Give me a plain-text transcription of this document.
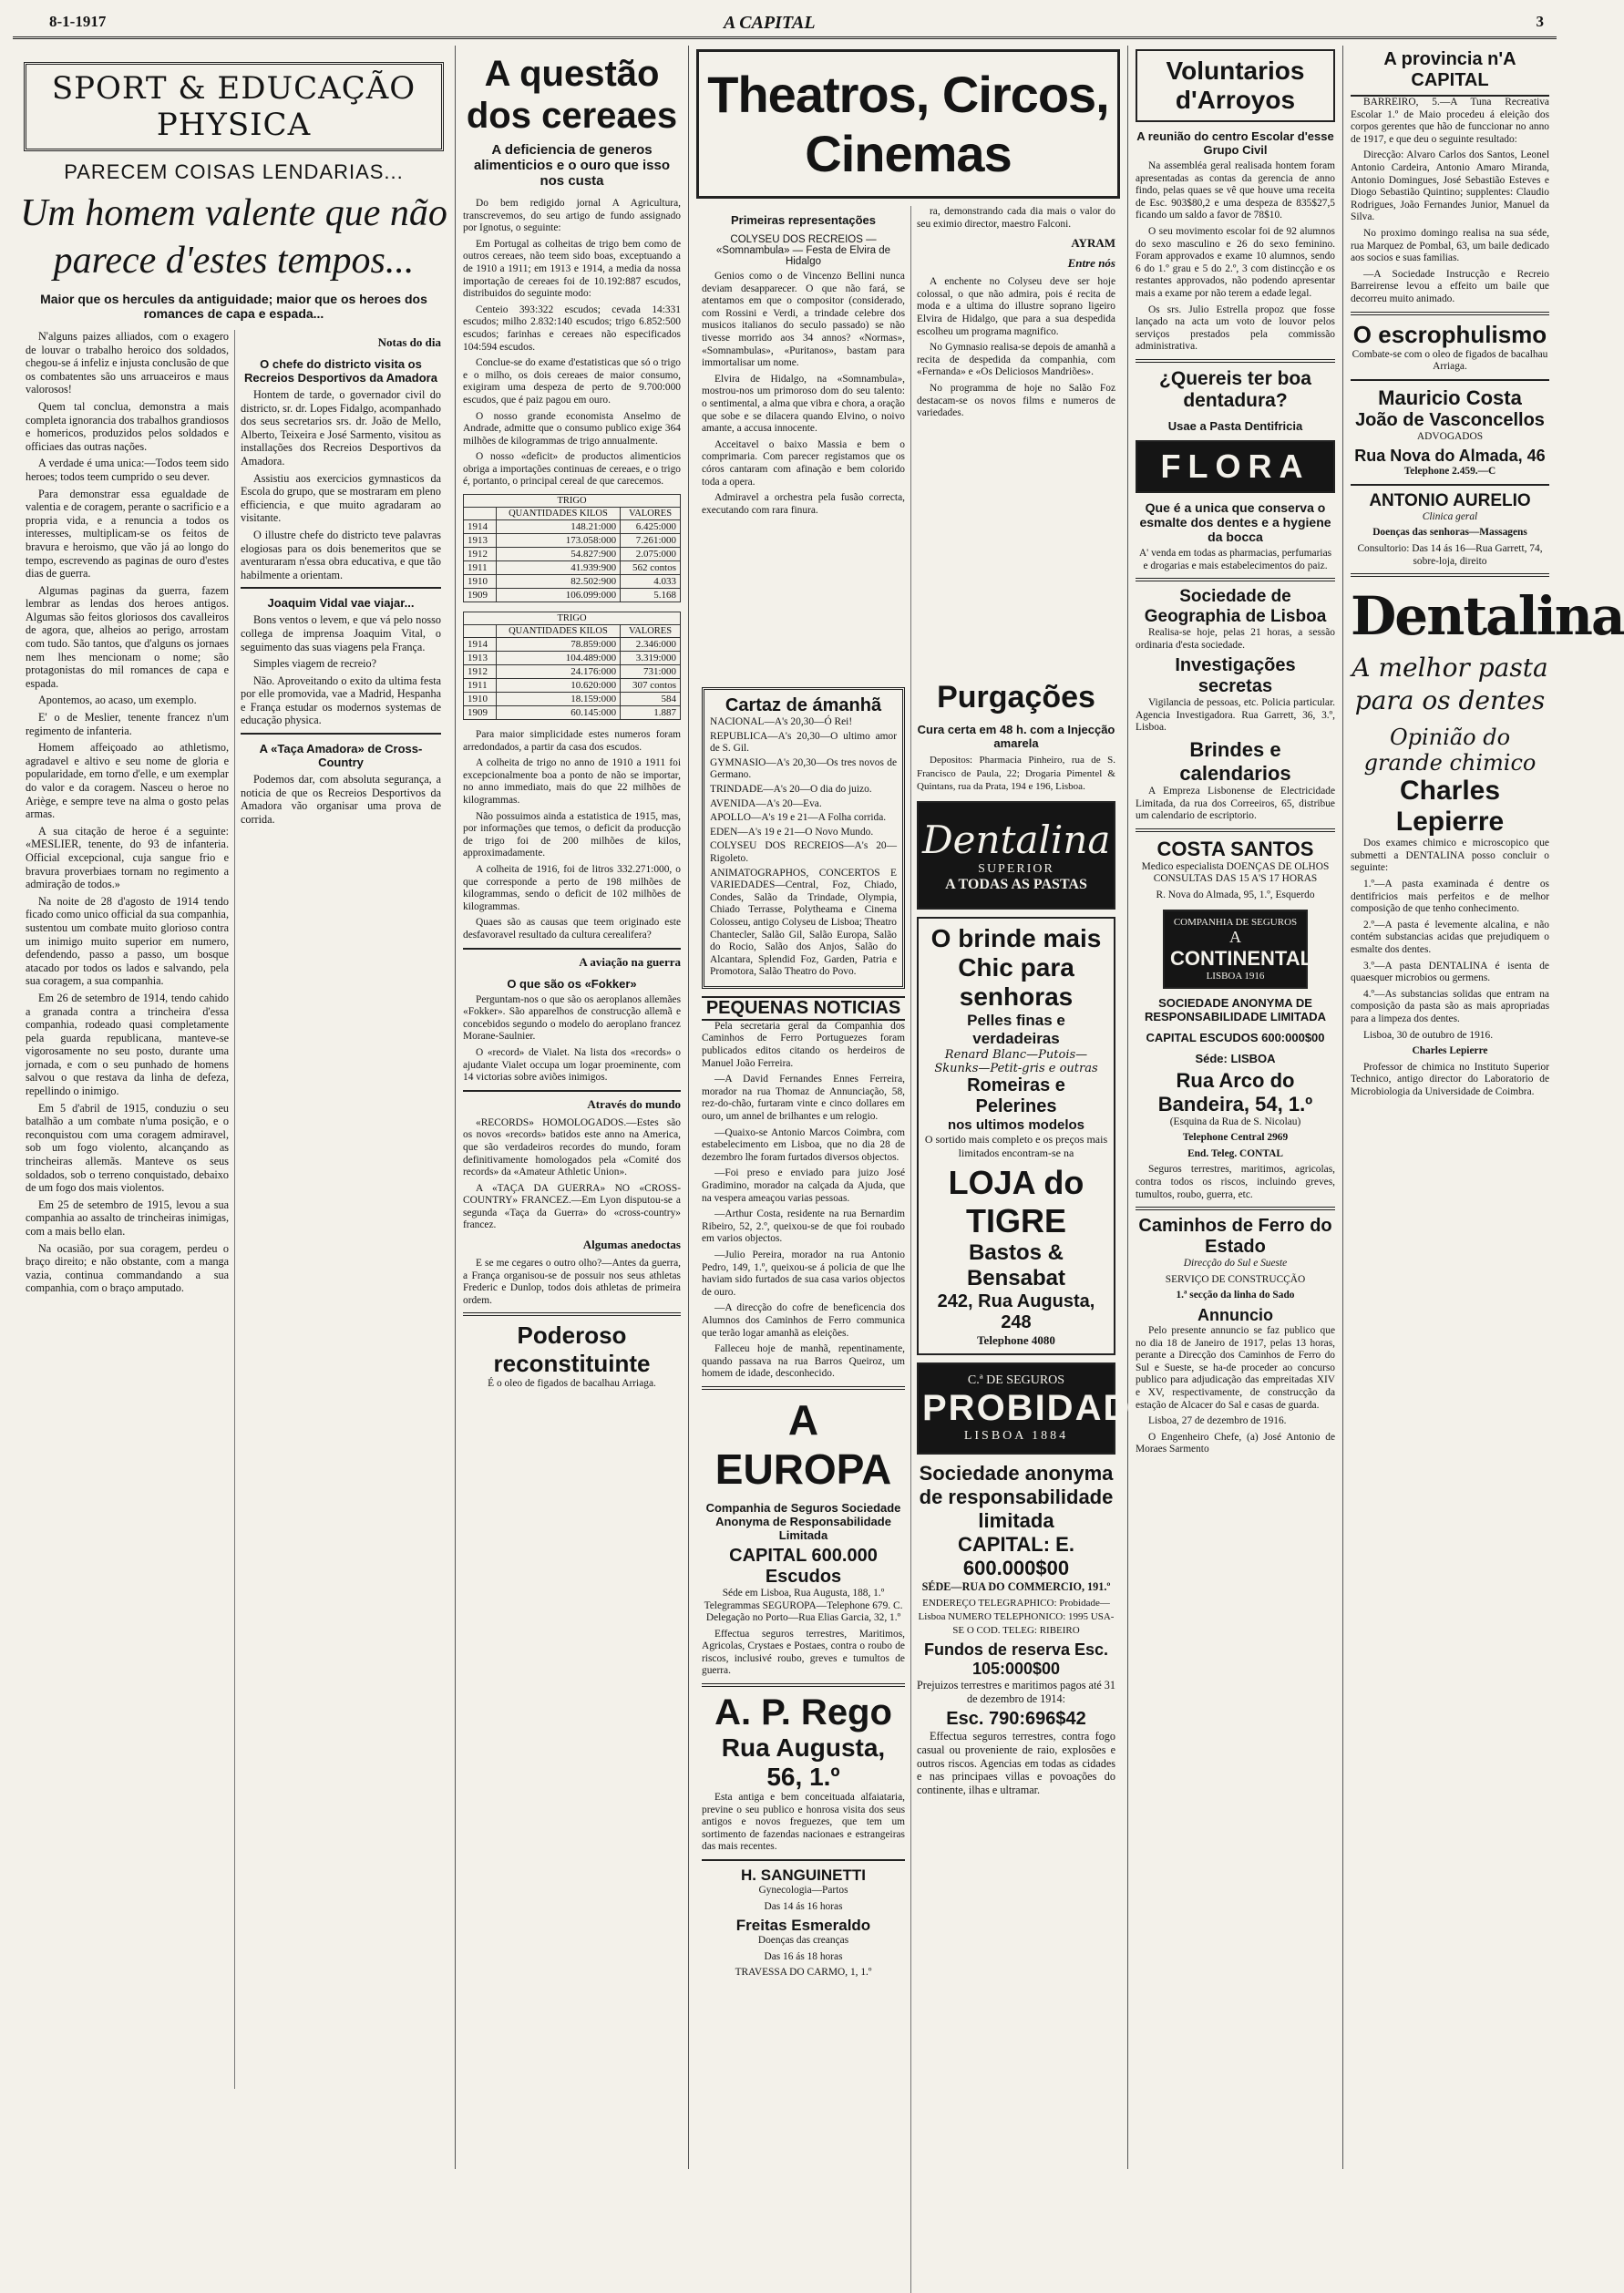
8-1-1917	A CAPITAL	3
SPORT & EDUCAÇÃO PHYSICA
PARECEM COISAS LENDARIAS...
Um homem valente que não parece d'estes tempos...
Maior que os hercules da antiguidade; maior que os heroes dos romances de capa e espada...

N'alguns paizes alliados, com o exagero de louvar o trabalho heroico dos soldados, chegou-se á infeliz e injusta conclusão de que os combatentes são uns arruaceiros e maus valorosos!

Quem tal conclua, demonstra a mais completa ignorancia dos trabalhos grandiosos e homericos, produzidos pelos soldados e officiaes das outras nações.

A verdade é uma unica:—Todos teem sido heroes; todos teem cumprido o seu dever.

Para demonstrar essa egualdade de valentia e de coragem, perante o sacrificio e a propria vida, e a renuncia a todos os interesses, multiplicam-se os feitos de bravura e heroismo, que vão já ao longo do tempo, escrevendo as paginas de ouro d'estes dias de guerra.

Algumas paginas da guerra, fazem lembrar as lendas dos heroes antigos. Algumas são feitos gloriosos dos cavalleiros de agora, que, alheios ao perigo, arrostam com tudo. São tantos, que d'alguns os jornaes nem lhes mencionam o nome; são protagonistas do mil romances de capa e espada.

Apontemos, ao acaso, um exemplo.

E' o de Meslier, tenente francez n'um regimento de infanteria.

Homem affeiçoado ao athletismo, agradavel e altivo e seu nome de gloria e popularidade, em torno d'elle, e um exemplar do valor e da coragem. Nasceu o heroe no Ariège, e sempre teve na alma o gosto pelas armas.

A sua citação de heroe é a seguinte: «MESLIER, tenente, do 93 de infanteria. Official excepcional, cuja sangue frio e bravura proverbiaes tornam no regimento a admiração de todos.»

Na noite de 28 d'agosto de 1914 tendo ficado como unico official da sua companhia, sustentou um combate muito glorioso contra um inimigo muito superior em numero, defendendo, passo a passo, um bosque atacado por todos os lados e salvando, pela sua coragem, a sua companhia.

Em 26 de setembro de 1914, tendo cahido a granada contra a trincheira d'essa companhia, rodeado quasi completamente pela guarda republicana, manteve-se vigorosamente no seu posto, durante uma jornada, e com o seu punhado de homens salvou o que restava da linha de defeza, repellindo o inimigo.

Em 5 d'abril de 1915, conduziu o seu batalhão a um combate n'uma posição, e o reconquistou com uma coragem admiravel, sob um fogo violento, alcançando as trincheiras allemãs. Manteve os seus soldados, sob o terreno conquistado, debaixo de um fogo dos mais violentos.

Em 25 de setembro de 1915, levou a sua companhia ao assalto de trincheiras inimigas, com a mais bello elan.

Na ocasião, por sua coragem, perdeu o braço direito; e não obstante, com a manga vazia, continua commandando a sua companhia, com o braço amputado.

Notas do dia
O chefe do districto visita os Recreios Desportivos da Amadora

Hontem de tarde, o governador civil do districto, sr. dr. Lopes Fidalgo, acompanhado dos seus secretarios srs. dr. João de Mello, Alberto, Teixeira e José Sarmento, visitou as installações dos Recreios Desportivos da Amadora.

Assistiu aos exercicios gymnasticos da Escola do grupo, que se mostraram em pleno efficiencia, e que muito agradaram ao visitante.

O illustre chefe do districto teve palavras elogiosas para os dois benemeritos que se aventuraram n'essa obra educativa, e que tão habilmente a orientam.

Joaquim Vidal vae viajar...

Bons ventos o levem, e que vá pelo nosso collega de imprensa Joaquim Vital, o seguimento das suas viagens pela França.

Simples viagem de recreio?

Não. Aproveitando o exito da ultima festa por elle promovida, vae a Madrid, Hespanha e França estudar os modernos systemas de educação physica.

A «Taça Amadora» de Cross-Country

Podemos dar, com absoluta segurança, a noticia de que os Recreios Desportivos da Amadora vão organisar uma prova de corrida.

A questão dos cereaes
A deficiencia de generos alimenticios e o ouro que isso nos custa

Do bem redigido jornal A Agricultura, transcrevemos, do seu artigo de fundo assignado por Ignotus, o seguinte:

Em Portugal as colheitas de trigo bem como de outros cereaes, não teem sido boas, exceptuando a de 1910 a 1911; em 1913 e 1914, a media da nossa importação de cereaes foi de 10.192:887 escudos, distribuidos do seguinte modo:

Centeio 393:322 escudos; cevada 14:331 escudos; milho 2.832:140 escudos; trigo 6.852:500 escudos; farinhas e cereaes não especificados 104:594 escudos.

Conclue-se do exame d'estatisticas que só o trigo e o milho, os dois cereaes de maior consumo, exigiram uma despeza de perto de 9.700:000 escudos, que é paiz pagou em ouro.

O nosso grande economista Anselmo de Andrade, admitte que o consumo publico exige 364 milhões de kilogrammas de trigo annualmente.

O nosso «deficit» de productos alimenticios obriga a importações continuas de cereaes, e o trigo é, portanto, o principal cereal de que carecemos.

TRIGO		
	QUANTIDADES KILOS	VALORES
1914	148.21:000	6.425:000
1913	173.058:000	7.261:000
1912	54.827:900	2.075:000
1911	41.939:900	562 contos
1910	82.502:900	4.033
1909	106.099:000	5.168
TRIGO		
	QUANTIDADES KILOS	VALORES
1914	78.859:000	2.346:000
1913	104.489:000	3.319:000
1912	24.176:000	731:000
1911	10.620:000	307 contos
1910	18.159:000	584
1909	60.145:000	1.887

Para maior simplicidade estes numeros foram arredondados, a partir da casa dos escudos.

A colheita de trigo no anno de 1910 a 1911 foi excepcionalmente boa a ponto de não se importar, no anno immediato, mais do que 22 milhões de kilogrammas.

Não possuimos ainda a estatistica de 1915, mas, por informações que temos, o deficit da producção de trigo foi de 200 milhões de kilos, approximadamente.

A colheita de 1916, foi de litros 332.271:000, o que corresponde a perto de 198 milhões de kilogrammas, sendo o deficit de 102 milhões de kilogrammas.

Quaes são as causas que teem originado este desfavoravel resultado da cultura cerealifera?

A aviação na guerra
O que são os «Fokker»

Perguntam-nos o que são os aeroplanos allemães «Fokker». São apparelhos de construcção allemã e concebidos segundo o modelo do aeroplano francez Morane-Saulnier.

O «record» de Vialet. Na lista dos «records» o ajudante Vialet occupa um logar proeminente, com 14 victorias sobre aviões inimigos.

Através do mundo

«RECORDS» HOMOLOGADOS.—Estes são os novos «records» batidos este anno na America, que são verdadeiros recordes do mundo, foram definitivamente homologados pela «Comité dos records» da «Amateur Athletic Union».

A «TAÇA DA GUERRA» NO «CROSS-COUNTRY» FRANCEZ.—Em Lyon disputou-se a segunda «Taça da Guerra» do «cross-country» francez.

Algumas anedoctas

E se me cegares o outro olho?—Antes da guerra, a França organisou-se de possuir nos seus athletas Frederic e Dunlop, todos dois athletas de primeira ordem.

Poderoso reconstituinte

É o oleo de figados de bacalhau Arriaga.

Theatros, Circos, Cinemas
Primeiras representações
COLYSEU DOS RECREIOS — «Somnambula» — Festa de Elvira de Hidalgo

Genios como o de Vincenzo Bellini nunca deviam desapparecer. O que não fará, se atentamos em que o compositor (considerado, com Rossini e Verdi, a trindade celebre dos musicos italianos do seculo passado) se não tivesse morrido aos 34 annos? «Normas», «Somnambulas», «Puritanos», bastam para immortalisar um nome.

Elvira de Hidalgo, na «Somnambula», mostrou-nos um primoroso dom do seu talento: o sentimental, a alma que vibra e chora, a oração que sobe e se dilacera quando Elvino, o noivo amante, a accusa innocente.

Acceitavel o baixo Massia e bem o comprimaria. Com parecer registamos que os córos cantaram com afinação e bem colorido toda a opera.

Admiravel a orchestra pela fusão correcta, executando com rara finura.

ra, demonstrando cada dia mais o valor do seu eximio director, maestro Falconi.

AYRAM
Entre nós

A enchente no Colyseu deve ser hoje colossal, o que não admira, pois é recita de moda e a ultima do illustre soprano ligeiro Elvira de Hidalgo, que para a sua despedida escolheu um programa magnifico.

No Gymnasio realisa-se depois de amanhã a recita de despedida da companhia, com «Fernanda» e «Os Deliciosos Mandriões».

No programma de hoje no Salão Foz destacam-se os novos films e numeros de variedades.

Cartaz de ámanhã

NACIONAL—A's 20,30—Ó Rei!

REPUBLICA—A's 20,30—O ultimo amor de S. Gil.

GYMNASIO—A's 20,30—Os tres novos de Germano.

TRINDADE—A's 20—O dia do juizo.

AVENIDA—A's 20—Eva.

APOLLO—A's 19 e 21—A Folha corrida.

EDEN—A's 19 e 21—O Novo Mundo.

COLYSEU DOS RECREIOS—A's 20—Rigoleto.

ANIMATOGRAPHOS, CONCERTOS E VARIEDADES—Central, Foz, Chiado, Condes, Salão da Trindade, Olympia, Chiado Terrasse, Polytheama e Cinema Colosseu, antigo Colyseu de Lisboa; Theatro Chantecler, Salão Gil, Salão Europa, Salão do Rocio, Salão dos Anjos, Salão do Alcantara, Splendid Foz, Garden, Patria e Promotora, Salão Theatro do Povo.

PEQUENAS NOTICIAS

Pela secretaria geral da Companhia dos Caminhos de Ferro Portuguezes foram publicados editos citando os herdeiros de Manuel João Ferreira.

—A David Fernandes Ennes Ferreira, morador na rua Thomaz de Annunciação, 58, rez-do-chão, furtaram vinte e cinco dollares em ouro, um annel de brilhantes e um relogio.

—Quaixo-se Antonio Marcos Coimbra, com estabelecimento em Lisboa, que no dia 28 de dezembro lhe foram furtados diversos objectos.

—Foi preso e enviado para juizo José Gradimino, morador na calçada da Ajuda, que na vespera ameaçou varias pessoas.

—Arthur Costa, residente na rua Bernardim Ribeiro, 52, 2.º, queixou-se de que foi roubado em varios objectos.

—Julio Pereira, morador na rua Antonio Pedro, 149, 1.º, queixou-se á policia de que lhe haviam sido furtados de sua casa varios objectos de ouro.

—A direcção do cofre de beneficencia dos Alumnos dos Caminhos de Ferro communica que terão logar amanhã as eleições.

Falleceu hoje de manhã, repentinamente, quando passava na rua Barros Queiroz, um homem de idade, desconhecido.

A EUROPA
Companhia de Seguros Sociedade Anonyma de Responsabilidade Limitada
CAPITAL 600.000 Escudos

Séde em Lisboa, Rua Augusta, 188, 1.º Telegrammas SEGUROPA—Telephone 679. C. Delegação no Porto—Rua Elias Garcia, 32, 1.º

Effectua seguros terrestres, Maritimos, Agricolas, Crystaes e Postaes, contra o roubo de riscos, inclusivé roubo, greves e tumultos de guerra.

A. P. Rego
Rua Augusta, 56, 1.º

Esta antiga e bem conceituada alfaiataria, previne o seu publico e honrosa visita dos seus antigos e novos freguezes, que tem um sortimento de fazendas nacionaes e estrangeiras das mais recentes.

H. SANGUINETTI

Gynecologia—Partos

Das 14 ás 16 horas

Freitas Esmeraldo

Doenças das creanças

Das 16 ás 18 horas

TRAVESSA DO CARMO, 1, 1.º

Purgações
Cura certa em 48 h. com a Injecção amarela

Depositos: Pharmacia Pinheiro, rua de S. Francisco de Paula, 22; Drogaria Pimentel & Quintans, rua da Prata, 194 e 196, Lisboa.

Dentalina
SUPERIOR
A TODAS AS PASTAS
O brinde mais Chic para senhoras
Pelles finas e verdadeiras
Renard Blanc—Putois—Skunks—Petit-gris e outras
Romeiras e Pelerines
nos ultimos modelos
O sortido mais completo e os preços mais limitados encontram-se na
LOJA do TIGRE
Bastos & Bensabat
242, Rua Augusta, 248
Telephone 4080
C.ª DE SEGUROS
PROBIDADE
LISBOA 1884
Sociedade anonyma de responsabilidade limitada
CAPITAL: E. 600.000$00

SÉDE—RUA DO COMMERCIO, 191.º

ENDEREÇO TELEGRAPHICO: Probidade—Lisboa NUMERO TELEPHONICO: 1995 USA-SE O COD. TELEG: RIBEIRO

Fundos de reserva Esc. 105:000$00

Prejuizos terrestres e maritimos pagos até 31 de dezembro de 1914:

Esc. 790:696$42

Effectua seguros terrestres, contra fogo casual ou proveniente de raio, explosões e outros riscos. Agencias em todas as cidades e nas principaes villas e povoações do continente, ilhas e ultramar.

Voluntarios d'Arroyos
A reunião do centro Escolar d'esse Grupo Civil

Na assembléa geral realisada hontem foram apresentadas as contas da gerencia de anno findo, pelas quaes se vê que houve uma receita de Esc. 903$80,2 e uma despeza de 835$27,5 ficando um saldo a favor de 78$10.

O seu movimento escolar foi de 92 alumnos do sexo masculino e 26 do sexo feminino. Foram approvados e exame 10 alumnos, sendo 6 do 1.º grau e 5 do 2.º, 3 com distincção e os restantes approvados, não podendo apresentar mais a exame por não terem a edade legal.

Os srs. Julio Estrella propoz que fosse lançado na acta um voto de louvor pelos serviços prestados pela commissão administrativa.

¿Quereis ter boa dentadura?
Usae a Pasta Dentifricia
FLORA
Que é a unica que conserva o esmalte dos dentes e a hygiene da bocca

A' venda em todas as pharmacias, perfumarias e drogarias e mais estabelecimentos do paiz.

Sociedade de Geographia de Lisboa

Realisa-se hoje, pelas 21 horas, a sessão ordinaria d'esta sociedade.

Investigações secretas

Vigilancia de pessoas, etc. Policia particular. Agencia Investigadora. Rua Garrett, 36, 3.º, Lisboa.

Brindes e calendarios

A Empreza Lisbonense de Electricidade Limitada, da rua dos Correeiros, 65, distribue um calendario de escriptorio.

COSTA SANTOS

Medico especialista DOENÇAS DE OLHOS CONSULTAS DAS 15 A'S 17 HORAS

R. Nova do Almada, 95, 1.º, Esquerdo

COMPANHIA DE SEGUROS
A
CONTINENTAL
LISBOA 1916
SOCIEDADE ANONYMA DE RESPONSABILIDADE LIMITADA
CAPITAL ESCUDOS 600:000$00
Séde: LISBOA
Rua Arco do Bandeira, 54, 1.º

(Esquina da Rua de S. Nicolau)

Telephone Central 2969

End. Teleg. CONTAL

Seguros terrestres, maritimos, agricolas, contra todos os riscos, incluindo greves, tumultos, roubo, guerra, etc.

Caminhos de Ferro do Estado

Direcção do Sul e Sueste

SERVIÇO DE CONSTRUCÇÃO

1.ª secção da linha do Sado

Annuncio

Pelo presente annuncio se faz publico que no dia 18 de Janeiro de 1917, pelas 13 horas, perante a Direcção dos Caminhos de Ferro do Sul e Sueste, se ha-de proceder ao concurso publico para adjudicação das empreitadas XIV e XV, respectivamente, de construcção da estação de Alcacer do Sal e casas de guarda.

Lisboa, 27 de dezembro de 1916.

O Engenheiro Chefe, (a) José Antonio de Moraes Sarmento

A provincia n'A CAPITAL

BARREIRO, 5.—A Tuna Recreativa Escolar 1.º de Maio procedeu á eleição dos corpos gerentes que hão de funccionar no anno de 1917, e que deu o seguinte resultado:

Direcção: Alvaro Carlos dos Santos, Leonel Antonio Cardeira, Antonio Amaro Miranda, Antonio Domingues, José Sebastião Esteves e Diogo Sebastião Quintino; supplentes: Claudio Rodrigues, João Fernandes Junior, Manuel da Silva.

No proximo domingo realisa na sua séde, rua Marquez de Pombal, 63, um baile dedicado aos socios e suas familias.

—A Sociedade Instrucção e Recreio Barreirense levou a effeito um baile que decorreu muito animado.

O escrophulismo

Combate-se com o oleo de figados de bacalhau Arriaga.

Mauricio Costa
João de Vasconcellos

ADVOGADOS

Rua Nova do Almada, 46

Telephone 2.459.—C

ANTONIO AURELIO

Clinica geral

Doenças das senhoras—Massagens

Consultorio: Das 14 ás 16—Rua Garrett, 74, sobre-loja, direito

Dentalina
A melhor pasta para os dentes
Opinião do grande chimico
Charles Lepierre

Dos exames chimico e microscopico que submetti a DENTALINA posso concluir o seguinte:

1.º—A pasta examinada é dentre os dentifricios mais perfeitos e de melhor composição de que tenho conhecimento.

2.º—A pasta é levemente alcalina, e não contém substancias acidas que prejudiquem o esmalte dos dentes.

3.º—A pasta DENTALINA é isenta de quaesquer microbios ou germens.

4.º—As substancias solidas que entram na composição da pasta são as mais apropriadas para a limpeza dos dentes.

Lisboa, 30 de outubro de 1916.

Charles Lepierre

Professor de chimica no Instituto Superior Technico, antigo director do Laboratorio de Microbiologia da Universidade de Coimbra.
